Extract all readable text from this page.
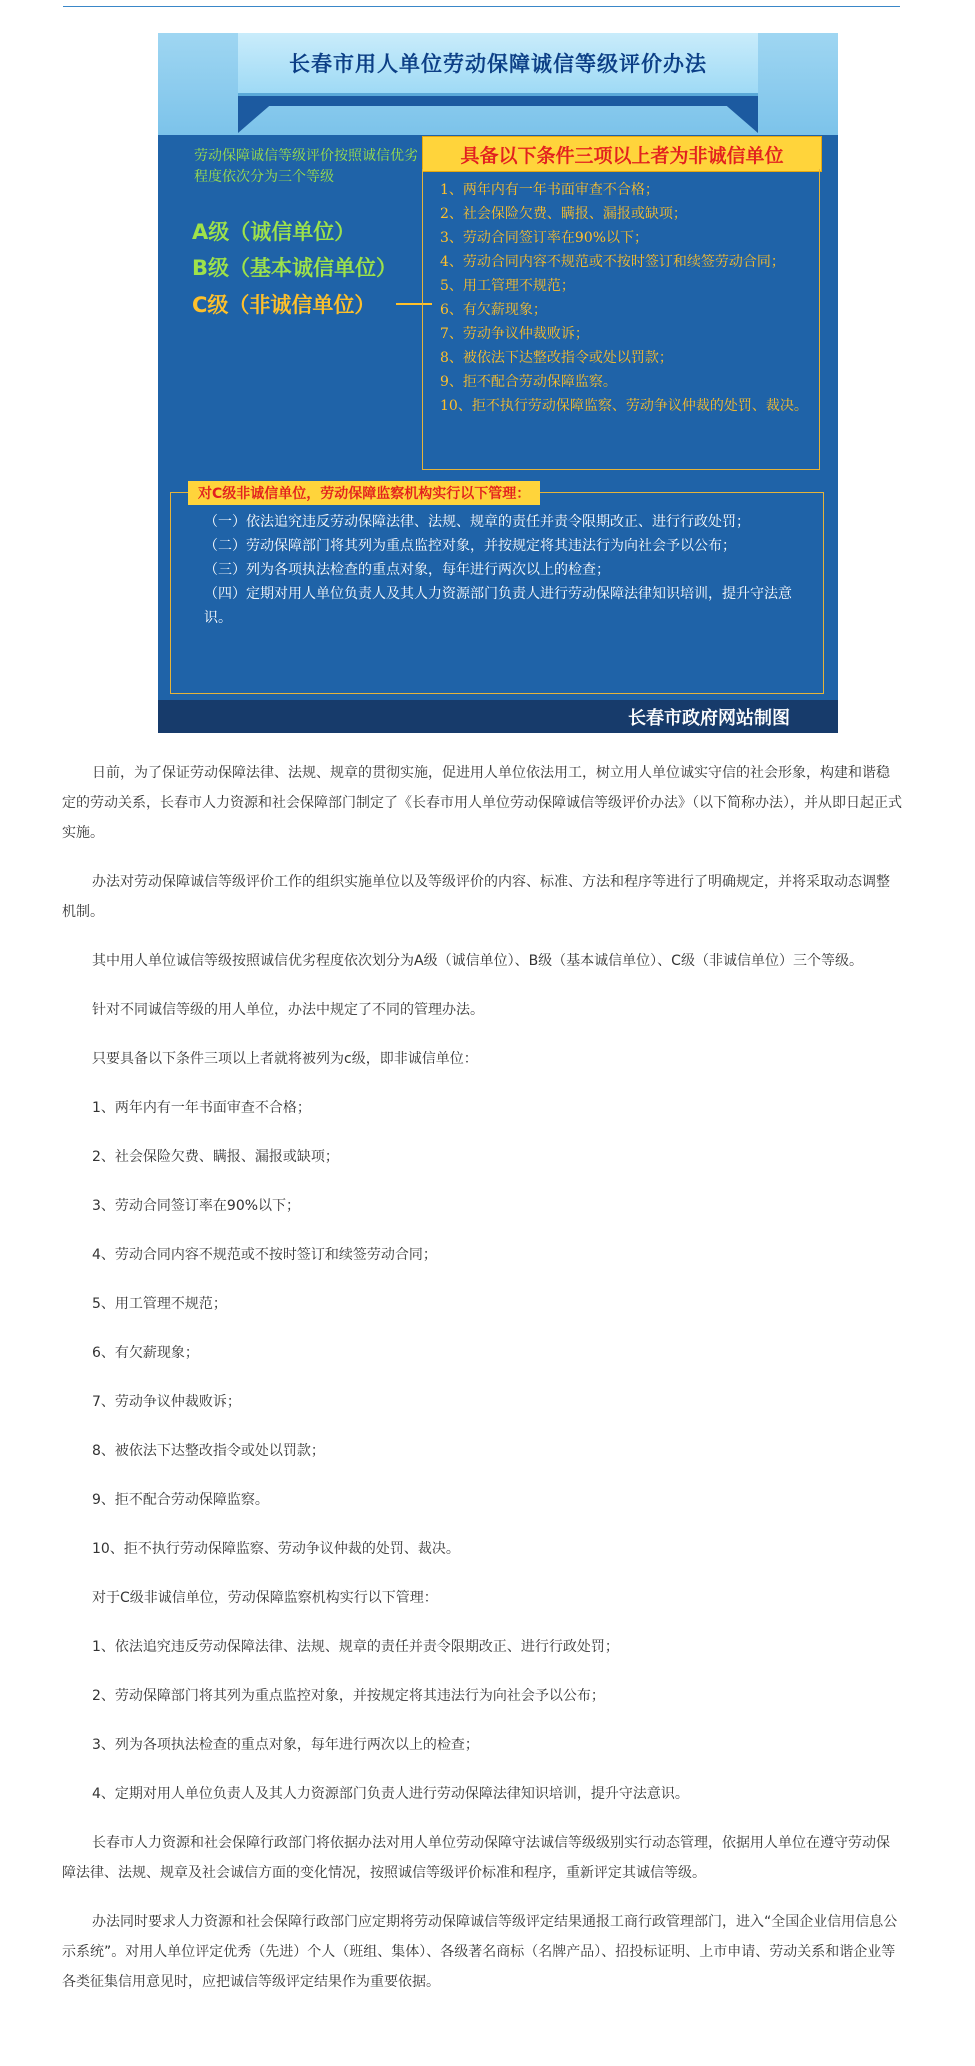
长春市用人单位劳动保障诚信等级评价办法
劳动保障诚信等级评价按照诚信优劣程度依次分为三个等级
A级（诚信单位）
B级（基本诚信单位）
C级（非诚信单位）
具备以下条件三项以上者为非诚信单位
1、两年内有一年书面审查不合格；
2、社会保险欠费、瞒报、漏报或缺项；
3、劳动合同签订率在90%以下；
4、劳动合同内容不规范或不按时签订和续签劳动合同；
5、用工管理不规范；
6、有欠薪现象；
7、劳动争议仲裁败诉；
8、被依法下达整改指令或处以罚款；
9、拒不配合劳动保障监察。
10、拒不执行劳动保障监察、劳动争议仲裁的处罚、裁决。
对C级非诚信单位，劳动保障监察机构实行以下管理：
（一）依法追究违反劳动保障法律、法规、规章的责任并责令限期改正、进行行政处罚；
（二）劳动保障部门将其列为重点监控对象，并按规定将其违法行为向社会予以公布；
（三）列为各项执法检查的重点对象，每年进行两次以上的检查；
（四）定期对用人单位负责人及其人力资源部门负责人进行劳动保障法律知识培训，提升守法意识。
长春市政府网站制图

日前，为了保证劳动保障法律、法规、规章的贯彻实施，促进用人单位依法用工，树立用人单位诚实守信的社会形象，构建和谐稳定的劳动关系，长春市人力资源和社会保障部门制定了《长春市用人单位劳动保障诚信等级评价办法》（以下简称办法），并从即日起正式实施。

办法对劳动保障诚信等级评价工作的组织实施单位以及等级评价的内容、标准、方法和程序等进行了明确规定，并将采取动态调整机制。

其中用人单位诚信等级按照诚信优劣程度依次划分为A级（诚信单位）、B级（基本诚信单位）、C级（非诚信单位）三个等级。

针对不同诚信等级的用人单位，办法中规定了不同的管理办法。

只要具备以下条件三项以上者就将被列为c级，即非诚信单位：

1、两年内有一年书面审查不合格；

2、社会保险欠费、瞒报、漏报或缺项；

3、劳动合同签订率在90%以下；

4、劳动合同内容不规范或不按时签订和续签劳动合同；

5、用工管理不规范；

6、有欠薪现象；

7、劳动争议仲裁败诉；

8、被依法下达整改指令或处以罚款；

9、拒不配合劳动保障监察。

10、拒不执行劳动保障监察、劳动争议仲裁的处罚、裁决。

对于C级非诚信单位，劳动保障监察机构实行以下管理：

1、依法追究违反劳动保障法律、法规、规章的责任并责令限期改正、进行行政处罚；

2、劳动保障部门将其列为重点监控对象，并按规定将其违法行为向社会予以公布；

3、列为各项执法检查的重点对象，每年进行两次以上的检查；

4、定期对用人单位负责人及其人力资源部门负责人进行劳动保障法律知识培训，提升守法意识。

长春市人力资源和社会保障行政部门将依据办法对用人单位劳动保障守法诚信等级级别实行动态管理，依据用人单位在遵守劳动保障法律、法规、规章及社会诚信方面的变化情况，按照诚信等级评价标准和程序，重新评定其诚信等级。

办法同时要求人力资源和社会保障行政部门应定期将劳动保障诚信等级评定结果通报工商行政管理部门，进入“全国企业信用信息公示系统”。对用人单位评定优秀（先进）个人（班组、集体）、各级著名商标（名牌产品）、招投标证明、上市申请、劳动关系和谐企业等各类征集信用意见时，应把诚信等级评定结果作为重要依据。
